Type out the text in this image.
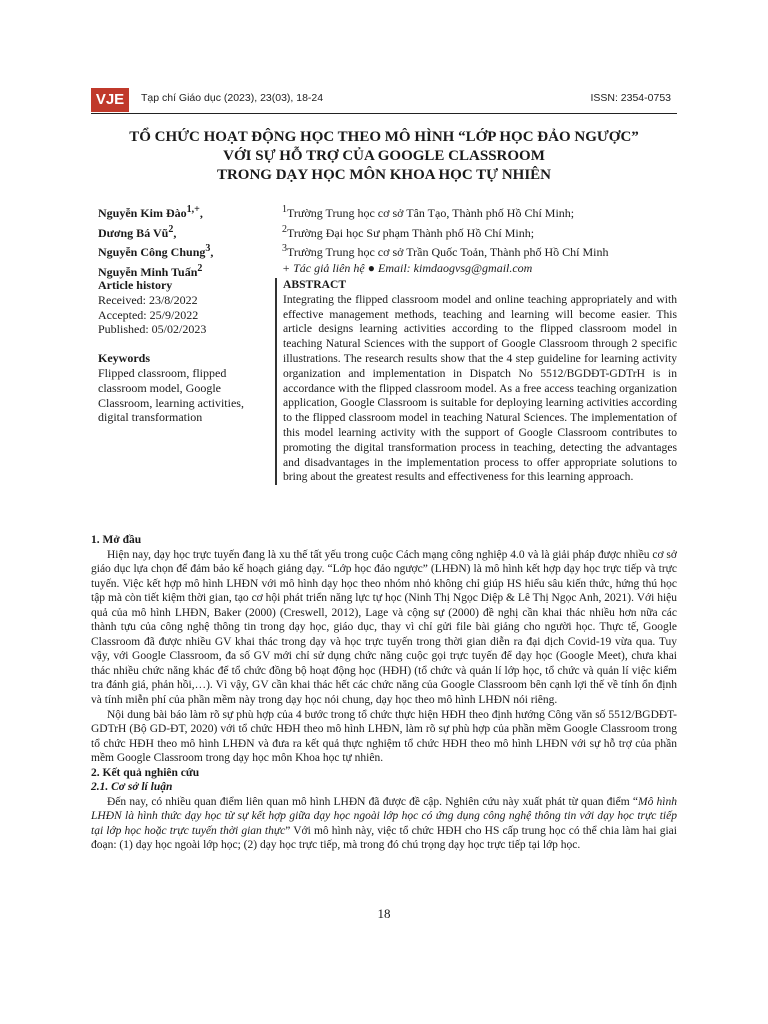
VJE	Tạp chí Giáo dục (2023), 23(03), 18-24	ISSN: 2354-0753
TỔ CHỨC HOẠT ĐỘNG HỌC THEO MÔ HÌNH “LỚP HỌC ĐẢO NGƯỢC”
VỚI SỰ HỖ TRỢ CỦA GOOGLE CLASSROOM
TRONG DẠY HỌC MÔN KHOA HỌC TỰ NHIÊN
Nguyễn Kim Đào$^{1,+}$,
Dương Bá $Vũ^2$,
Nguyễn Công Chung$^3$,
Nguyễn Minh Tuấn$^2$
$^1$Trường Trung học cơ sở Tân Tạo, Thành phố Hồ Chí Minh;
$^2$Trường Đại học Sư phạm Thành phố Hồ Chí Minh;
$^3$Trường Trung học cơ sở Trần Quốc Toản, Thành phố Hồ Chí Minh
+ Tác giả liên hệ ● Email: kimdaogvsg@gmail.com
Article history
Received: 23/8/2022
Accepted: 25/9/2022
Published: 05/02/2023
Keywords
Flipped classroom, flipped classroom model, Google Classroom, learning activities, digital transformation
ABSTRACT
Integrating the flipped classroom model and online teaching appropriately and with effective management methods, teaching and learning will become easier. This article designs learning activities according to the flipped classroom model in teaching Natural Sciences with the support of Google Classroom through 2 specific illustrations. The research results show that the 4 step guideline for learning activity organization and implementation in Dispatch No 5512/BGDĐT-GDTrH is in accordance with the flipped classroom model. As a free access teaching organization application, Google Classroom is suitable for deploying learning activities according to the flipped classroom model in teaching Natural Sciences. The implementation of this model learning activity with the support of Google Classroom contributes to promoting the digital transformation process in teaching, detecting the advantages and disadvantages in the implementation process to offer appropriate solutions to bring about the greatest results and effectiveness for this learning approach.
1. Mở đầu

Hiện nay, dạy học trực tuyến đang là xu thế tất yếu trong cuộc Cách mạng công nghiệp 4.0 và là giải pháp được nhiều cơ sở giáo dục lựa chọn để đảm bảo kế hoạch giảng dạy. “Lớp học đảo ngược” (LHĐN) là mô hình kết hợp dạy học trực tiếp và trực tuyến. Việc kết hợp mô hình LHĐN với mô hình dạy học theo nhóm nhỏ không chỉ giúp HS hiểu sâu kiến thức, hứng thú học tập mà còn tiết kiệm thời gian, tạo cơ hội phát triển năng lực tự học (Ninh Thị Ngọc Diệp & Lê Thị Ngọc Anh, 2021). Với hiệu quả của mô hình LHĐN, Baker (2000) (Creswell, 2012), Lage và cộng sự (2000) đề nghị cần khai thác nhiều hơn nữa các thành tựu của công nghệ thông tin trong dạy học, giáo dục, thay vì chỉ gửi file bài giảng cho người học. Thực tế, Google Classroom đã được nhiều GV khai thác trong dạy và học trực tuyến trong thời gian diễn ra đại dịch Covid-19 vừa qua. Tuy vậy, với Google Classroom, đa số GV mới chỉ sử dụng chức năng cuộc gọi trực tuyến để dạy học (Google Meet), chưa khai thác nhiều chức năng khác để tổ chức đồng bộ hoạt động học (HĐH) (tổ chức và quản lí lớp học, tổ chức và quản lí việc kiểm tra đánh giá, phản hồi,…). Vì vậy, GV cần khai thác hết các chức năng của Google Classroom bên cạnh lợi thế về tính ổn định và tính miễn phí của phần mềm này trong dạy học nói chung, dạy học theo mô hình LHĐN nói riêng.

Nội dung bài báo làm rõ sự phù hợp của 4 bước trong tổ chức thực hiện HĐH theo định hướng Công văn số 5512/BGDĐT-GDTrH (Bộ GD-ĐT, 2020) với tổ chức HĐH theo mô hình LHĐN, làm rõ sự phù hợp của phần mềm Google Classroom trong tổ chức HĐH theo mô hình LHĐN và đưa ra kết quả thực nghiệm tổ chức HĐH theo mô hình LHĐN với sự hỗ trợ của phần mềm Google Classroom trong dạy học môn Khoa học tự nhiên.

2. Kết quả nghiên cứu
2.1. Cơ sở lí luận

Đến nay, có nhiều quan điểm liên quan mô hình LHĐN đã được đề cập. Nghiên cứu này xuất phát từ quan điểm “Mô hình LHĐN là hình thức dạy học từ sự kết hợp giữa dạy học ngoài lớp học có ứng dụng công nghệ thông tin với dạy học trực tiếp tại lớp học hoặc trực tuyến thời gian thực” Với mô hình này, việc tổ chức HĐH cho HS cấp trung học có thể chia làm hai giai đoạn: (1) dạy học ngoài lớp học; (2) dạy học trực tiếp, mà trong đó chú trọng dạy học trực tiếp tại lớp học.

18
